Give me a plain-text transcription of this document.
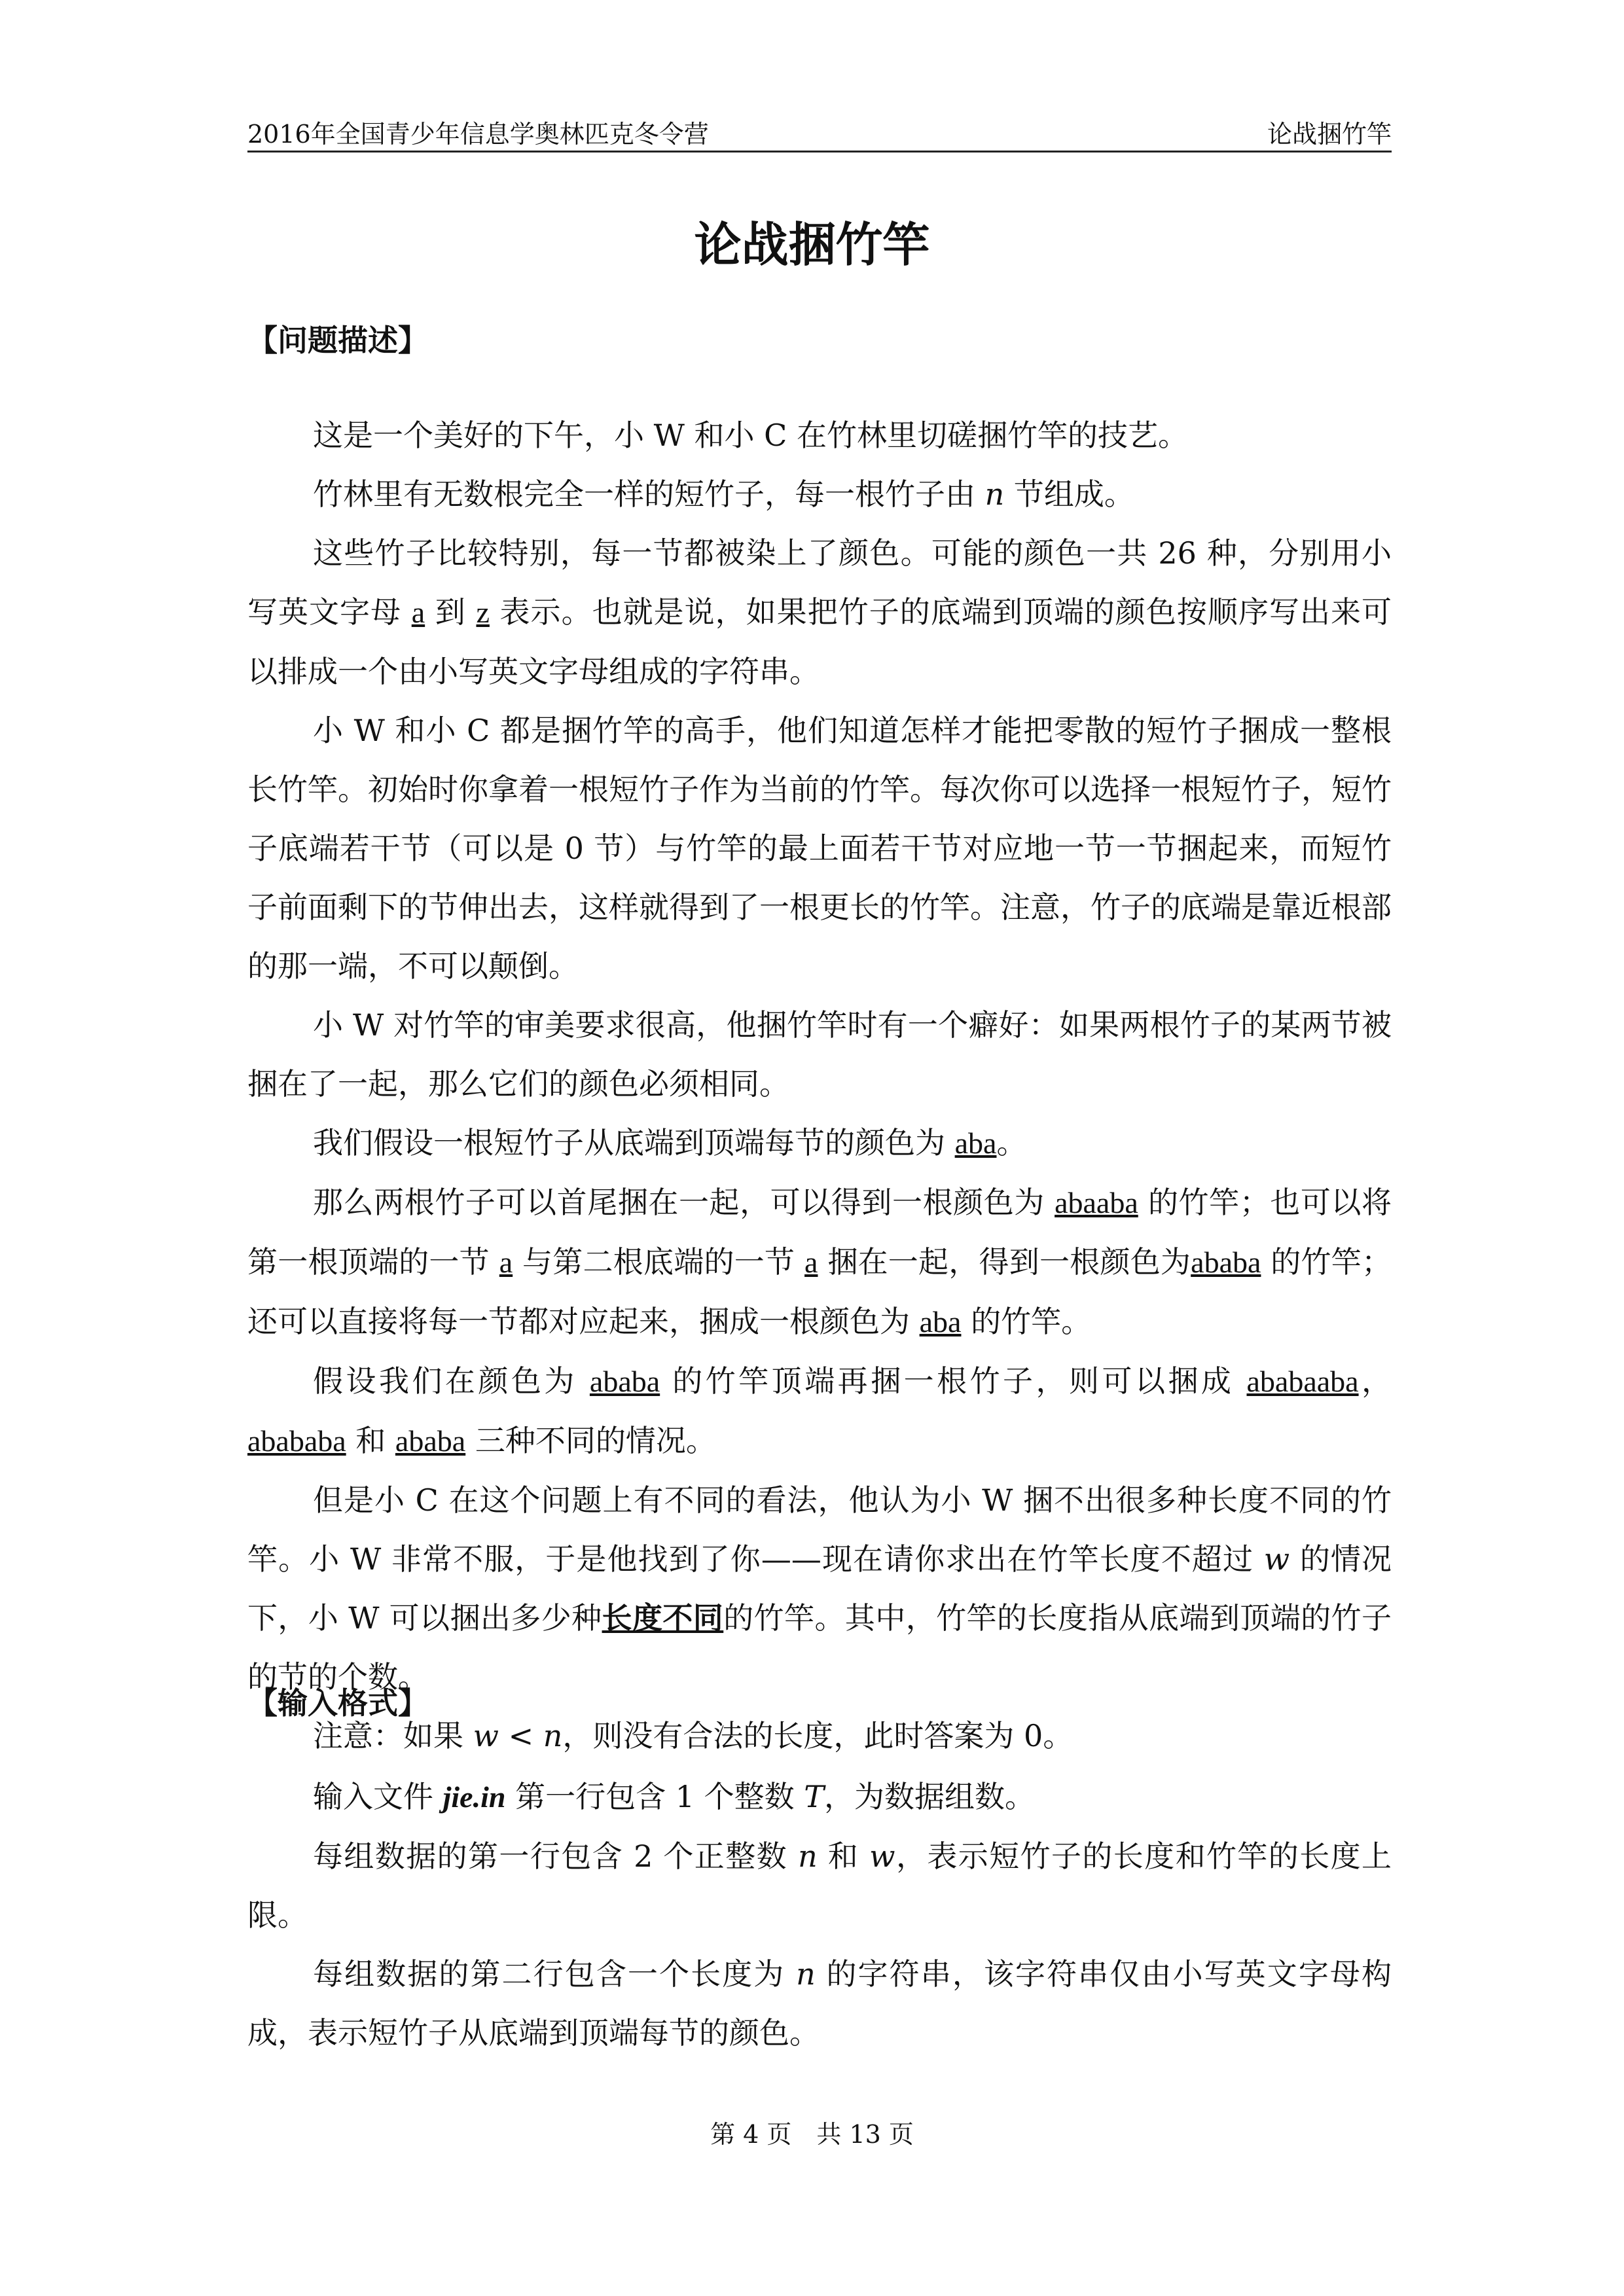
2016年全国青少年信息学奥林匹克冬令营	论战捆竹竿
论战捆竹竿
【问题描述】

这是一个美好的下午，小 W 和小 C 在竹林里切磋捆竹竿的技艺。

竹林里有无数根完全一样的短竹子，每一根竹子由 n 节组成。

这些竹子比较特别，每一节都被染上了颜色。可能的颜色一共 26 种，分别用小写英文字母 a 到 z 表示。也就是说，如果把竹子的底端到顶端的颜色按顺序写出来可以排成一个由小写英文字母组成的字符串。

小 W 和小 C 都是捆竹竿的高手，他们知道怎样才能把零散的短竹子捆成一整根长竹竿。初始时你拿着一根短竹子作为当前的竹竿。每次你可以选择一根短竹子，短竹子底端若干节（可以是 0 节）与竹竿的最上面若干节对应地一节一节捆起来，而短竹子前面剩下的节伸出去，这样就得到了一根更长的竹竿。注意，竹子的底端是靠近根部的那一端，不可以颠倒。

小 W 对竹竿的审美要求很高，他捆竹竿时有一个癖好：如果两根竹子的某两节被捆在了一起，那么它们的颜色必须相同。

我们假设一根短竹子从底端到顶端每节的颜色为 aba。

那么两根竹子可以首尾捆在一起，可以得到一根颜色为 abaaba 的竹竿；也可以将第一根顶端的一节 a 与第二根底端的一节 a 捆在一起，得到一根颜色为ababa 的竹竿；还可以直接将每一节都对应起来，捆成一根颜色为 aba 的竹竿。

假设我们在颜色为 ababa 的竹竿顶端再捆一根竹子，则可以捆成 ababaaba，abababa 和 ababa 三种不同的情况。

但是小 C 在这个问题上有不同的看法，他认为小 W 捆不出很多种长度不同的竹竿。小 W 非常不服，于是他找到了你——现在请你求出在竹竿长度不超过 w 的情况下，小 W 可以捆出多少种长度不同的竹竿。其中，竹竿的长度指从底端到顶端的竹子的节的个数。

注意：如果 w < n，则没有合法的长度，此时答案为 0。

【输入格式】

输入文件 jie.in 第一行包含 1 个整数 T，为数据组数。

每组数据的第一行包含 2 个正整数 n 和 w，表示短竹子的长度和竹竿的长度上限。

每组数据的第二行包含一个长度为 n 的字符串，该字符串仅由小写英文字母构成，表示短竹子从底端到顶端每节的颜色。

第 4 页　共 13 页
